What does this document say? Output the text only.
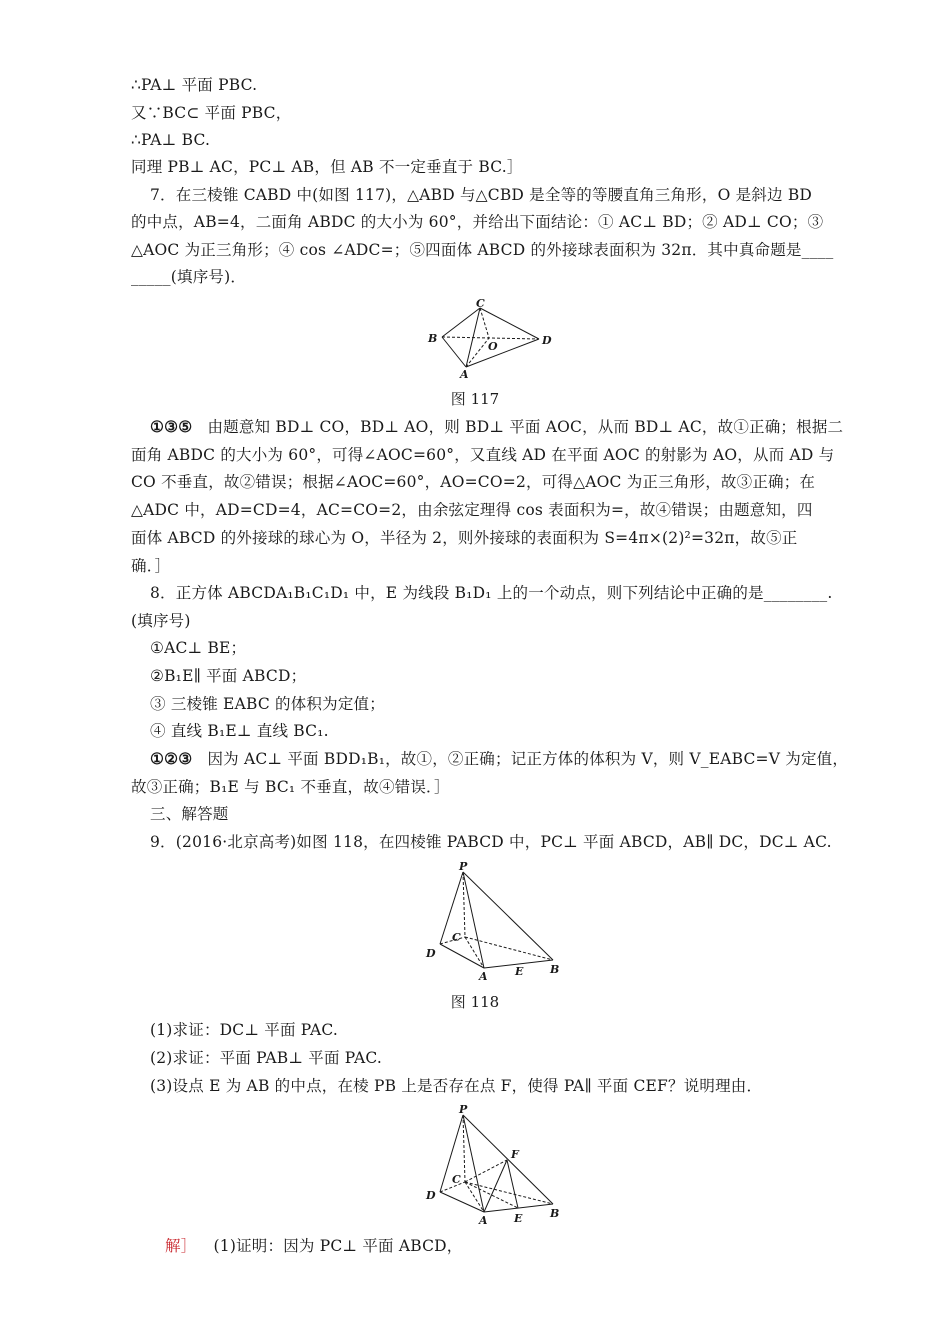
∴PA⊥ 平面 PBC.
又∵BC⊂ 平面 PBC，
∴PA⊥ BC.
同理 PB⊥ AC，PC⊥ AB，但 AB 不一定垂直于 BC.］
7．在三棱锥 CABD 中(如图 117)，△ABD 与△CBD 是全等的等腰直角三角形，O 是斜边 BD
的中点，AB=4，二面角 ABDC 的大小为 60°，并给出下面结论：① AC⊥ BD；② AD⊥ CO；③
△AOC 为正三角形；④ cos ∠ADC=；⑤四面体 ABCD 的外接球表面积为 32π．其中真命题是____
_____(填序号)．
C
B
O	D
A
图 117
①③⑤ 由题意知 BD⊥ CO，BD⊥ AO，则 BD⊥ 平面 AOC，从而 BD⊥ AC，故①正确；根据二
面角 ABDC 的大小为 60°，可得∠AOC=60°，又直线 AD 在平面 AOC 的射影为 AO，从而 AD 与
CO 不垂直，故②错误；根据∠AOC=60°，AO=CO=2，可得△AOC 为正三角形，故③正确；在
△ADC 中，AD=CD=4，AC=CO=2，由余弦定理得 cos 表面积为=，故④错误；由题意知，四
面体 ABCD 的外接球的球心为 O，半径为 2，则外接球的表面积为 S=4π×(2)²=32π，故⑤正
确．］
8．正方体 ABCDA₁B₁C₁D₁ 中，E 为线段 B₁D₁ 上的一个动点，则下列结论中正确的是________.
(填序号)
①AC⊥ BE；
②B₁E∥ 平面 ABCD；
③ 三棱锥 EABC 的体积为定值；
④ 直线 B₁E⊥ 直线 BC₁.
①②③ 因为 AC⊥ 平面 BDD₁B₁，故①，②正确；记正方体的体积为 V，则 V_EABC=V 为定值，
故③正确；B₁E 与 BC₁ 不垂直，故④错误．］
三、解答题
9．(2016·北京高考)如图 118，在四棱锥 PABCD 中，PC⊥ 平面 ABCD，AB∥ DC，DC⊥ AC.
P
C
D
A E B
图 118
(1)求证：DC⊥ 平面 PAC.
(2)求证：平面 PAB⊥ 平面 PAC.
(3)设点 E 为 AB 的中点，在棱 PB 上是否存在点 F，使得 PA∥ 平面 CEF？说明理由．
P
F
C
D
A E	B
解］ (1)证明：因为 PC⊥ 平面 ABCD，
